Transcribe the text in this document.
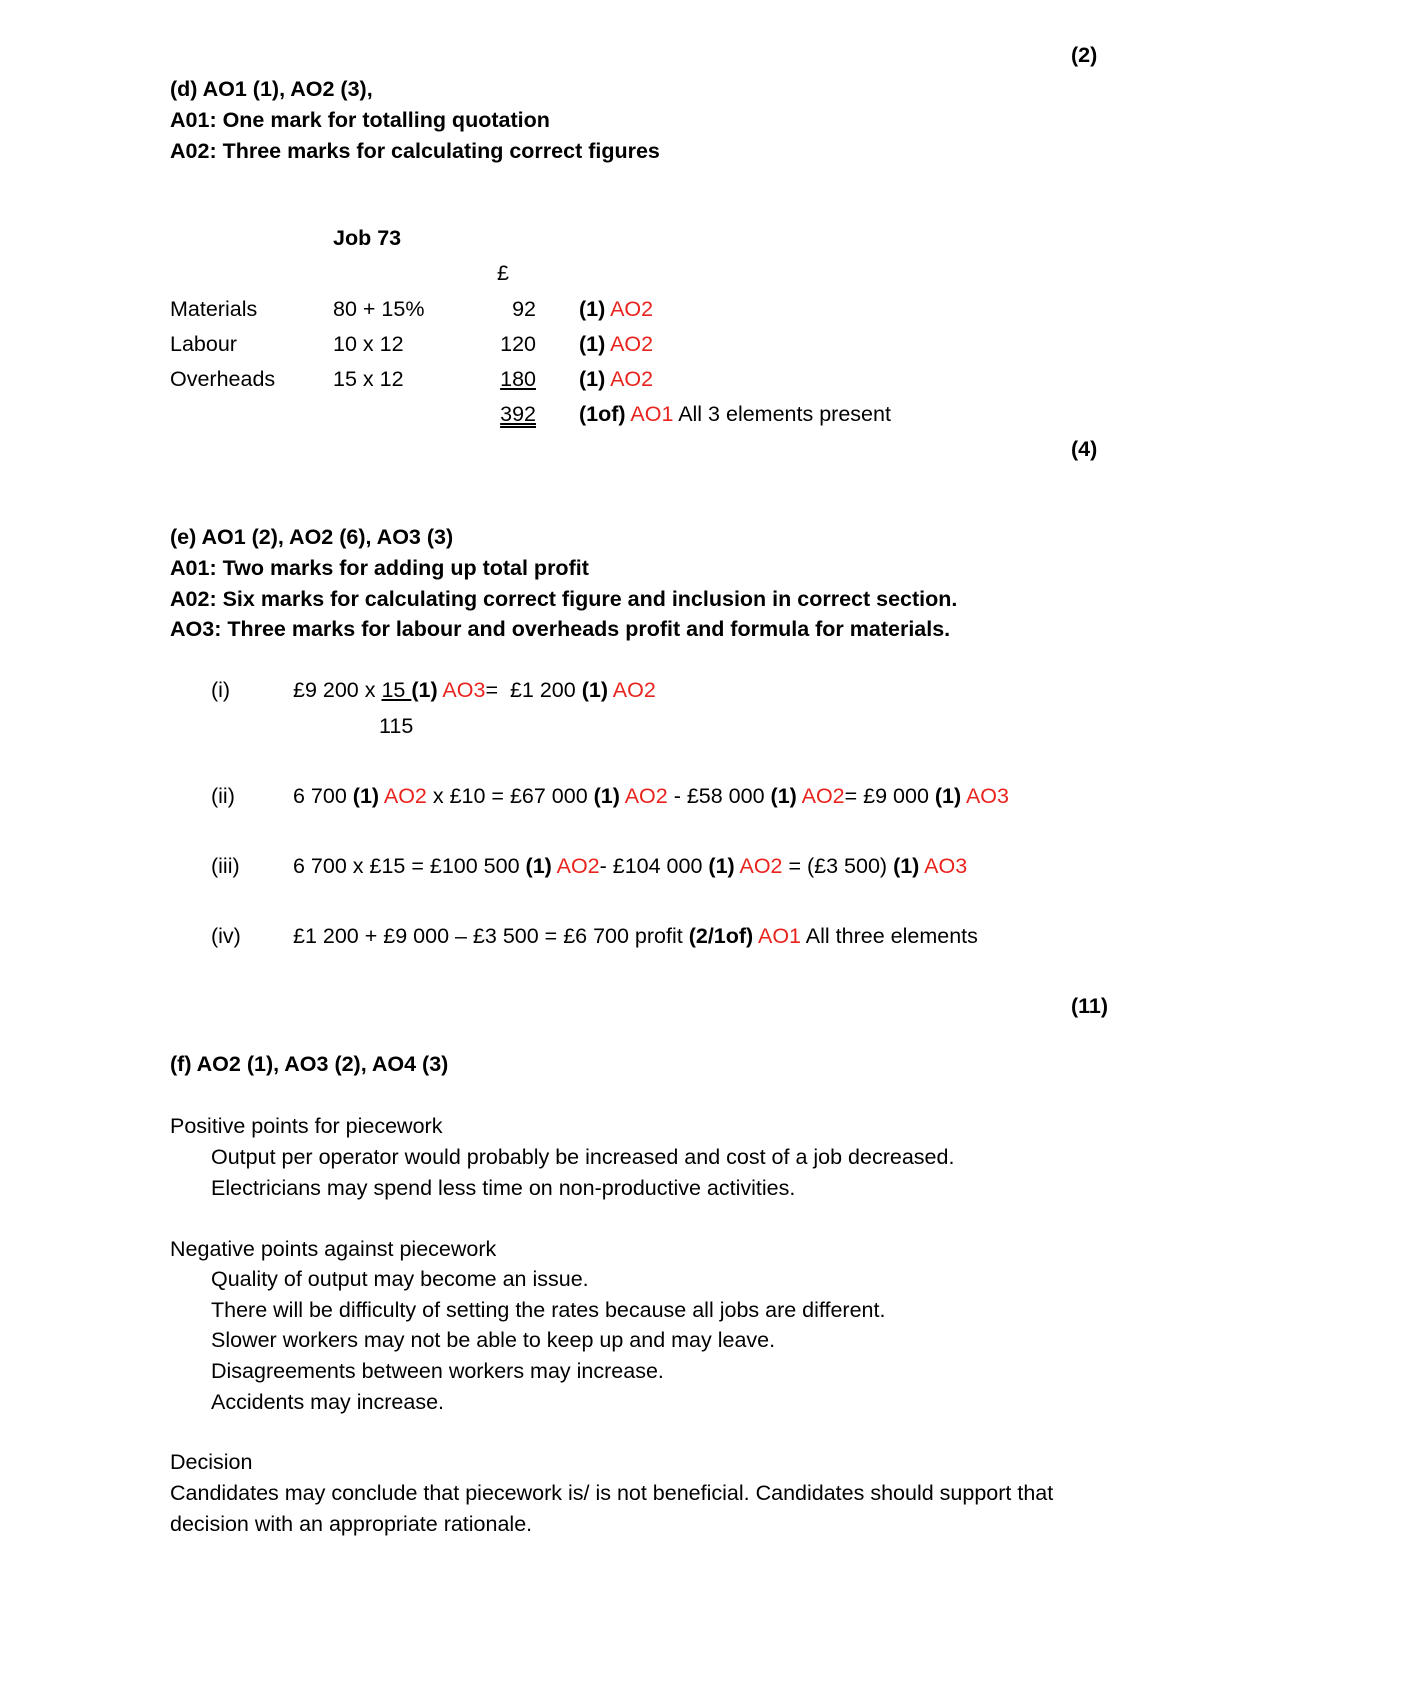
(2)
(d) AO1 (1), AO2 (3),
A01: One mark for totalling quotation
A02: Three marks for calculating correct figures
Job 73
£
Materials	80 + 15%	92 (1) AO2
Labour	10 x 12	120 (1) AO2
Overheads	15 x 12	180 (1) AO2
392 (1of) AO1 All 3 elements present
(4)
(e) AO1 (2), AO2 (6), AO3 (3)
A01: Two marks for adding up total profit
A02: Six marks for calculating correct figure and inclusion in correct section.
AO3: Three marks for labour and overheads profit and formula for materials.
(i)	£9 200 x 15 (1) AO3=  £1 200 (1) AO2
115
(ii)	6 700 (1) AO2 x £10 = £67 000 (1) AO2 - £58 000 (1) AO2= £9 000 (1) AO3
(iii) 6 700 x £15 = £100 500 (1) AO2- £104 000 (1) AO2 = (£3 500) (1) AO3
(iv) £1 200 + £9 000 – £3 500 = £6 700 profit (2/1of) AO1 All three elements
(11)
(f) AO2 (1), AO3 (2), AO4 (3)
Positive points for piecework
Output per operator would probably be increased and cost of a job decreased.
Electricians may spend less time on non-productive activities.
Negative points against piecework
Quality of output may become an issue.
There will be difficulty of setting the rates because all jobs are different.
Slower workers may not be able to keep up and may leave.
Disagreements between workers may increase.
Accidents may increase.
Decision
Candidates may conclude that piecework is/ is not beneficial. Candidates should support that
decision with an appropriate rationale.
